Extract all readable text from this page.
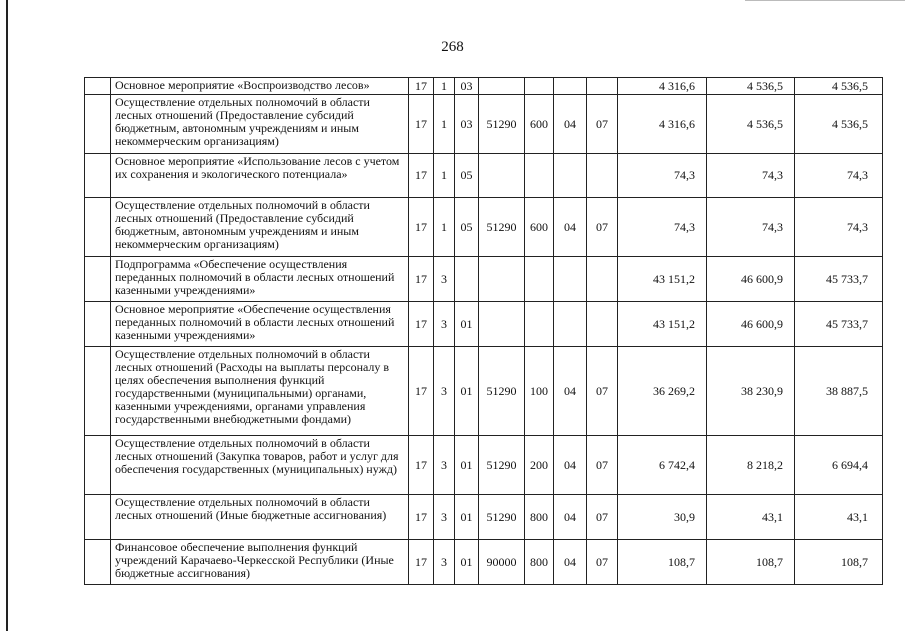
268
	Основное мероприятие «Воспроизводство лесов»	17	1	03					4 316,6	4 536,5	4 536,5
	Осуществление отдельных полномочий в области лесных отношений (Предоставление субсидий бюджетным, автономным учреждениям и иным некоммерческим организациям)	17	1	03	51290	600	04	07	4 316,6	4 536,5	4 536,5
	Основное мероприятие «Использование лесов с учетом их сохранения и экологического потенциала»	17	1	05					74,3	74,3	74,3
	Осуществление отдельных полномочий в области лесных отношений (Предоставление субсидий бюджетным, автономным учреждениям и иным некоммерческим организациям)	17	1	05	51290	600	04	07	74,3	74,3	74,3
	Подпрограмма «Обеспечение осуществления переданных полномочий в области лесных отношений казенными учреждениями»	17	3						43 151,2	46 600,9	45 733,7
	Основное мероприятие «Обеспечение осуществления переданных полномочий в области лесных отношений казенными учреждениями»	17	3	01					43 151,2	46 600,9	45 733,7
	Осуществление отдельных полномочий в области лесных отношений (Расходы на выплаты персоналу в целях обеспечения выполнения функций государственными (муниципальными) органами, казенными учреждениями, органами управления государственными внебюджетными фондами)	17	3	01	51290	100	04	07	36 269,2	38 230,9	38 887,5
	Осуществление отдельных полномочий в области лесных отношений (Закупка товаров, работ и услуг для обеспечения государственных (муниципальных) нужд)	17	3	01	51290	200	04	07	6 742,4	8 218,2	6 694,4
	Осуществление отдельных полномочий в области лесных отношений (Иные бюджетные ассигнования)	17	3	01	51290	800	04	07	30,9	43,1	43,1
	Финансовое обеспечение выполнения функций учреждений Карачаево-Черкесской Республики (Иные бюджетные ассигнования)	17	3	01	90000	800	04	07	108,7	108,7	108,7
